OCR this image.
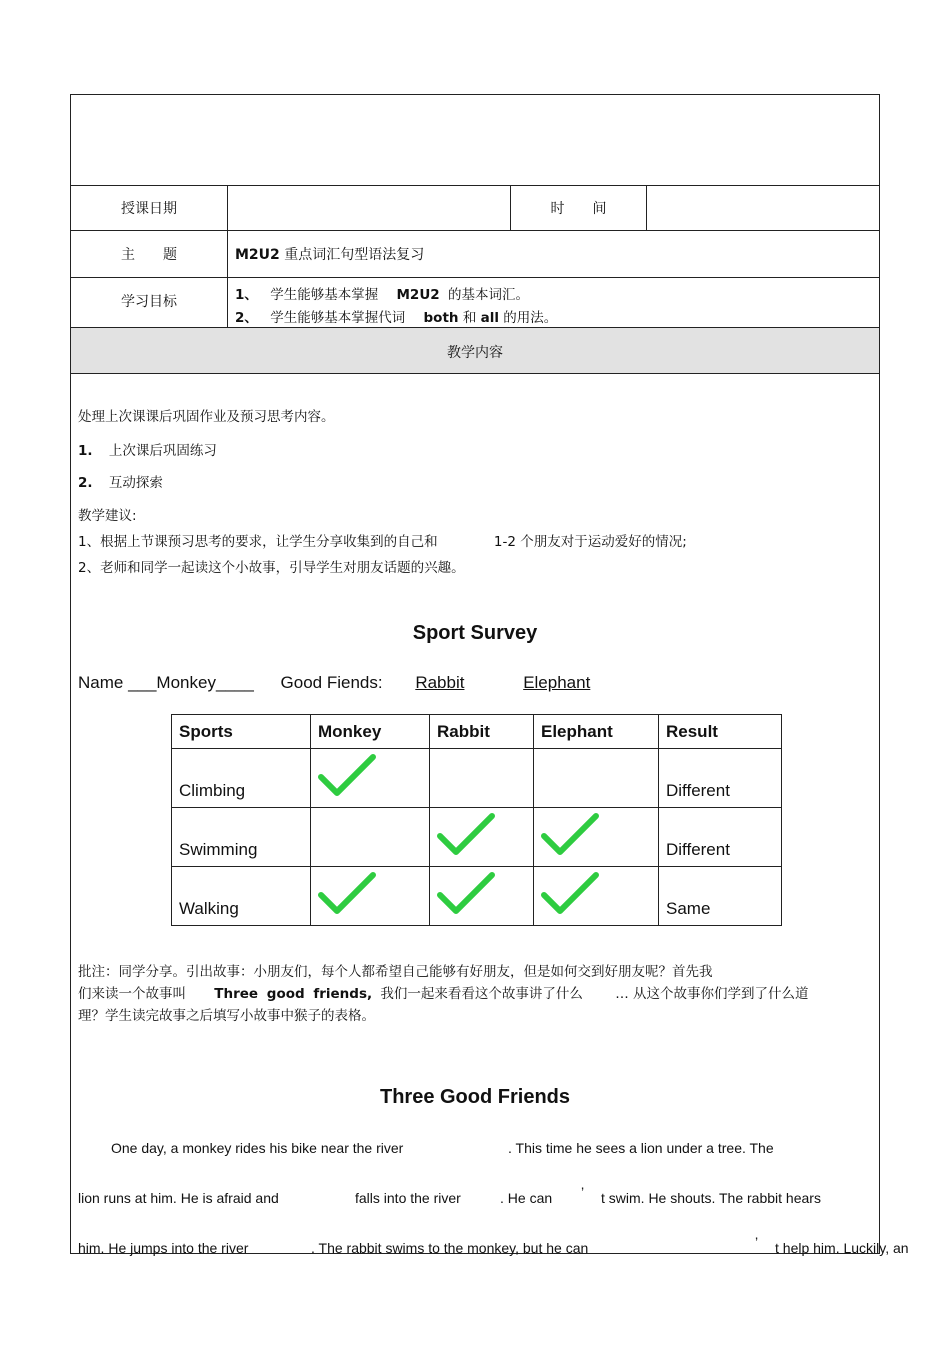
授课日期	时　　间
主　　题	M2U2 重点词汇句型语法复习
学习目标	1、 学生能够基本掌握 M2U2 的基本词汇。
2、 学生能够基本掌握代词 both 和 all 的用法。
教学内容
处理上次课课后巩固作业及预习思考内容。
1. 上次课后巩固练习
2. 互动探索
教学建议:
1、根据上节课预习思考的要求，让学生分享收集到的自己和	1-2 个朋友对于运动爱好的情况;
2、老师和同学一起读这个小故事，引导学生对朋友话题的兴趣。
Sport Survey
Name ___Monkey____ Good Fiends: Rabbit	Elephant
Sports	Monkey	Rabbit	Elephant	Result
Climbing				Different
Swimming				Different
Walking				Same
批注：同学分享。引出故事：小朋友们，每个人都希望自己能够有好朋友，但是如何交到好朋友呢？首先我
们来读一个故事叫 Three good friends, 我们一起来看看这个故事讲了什么 … 从这个故事你们学到了什么道
理？学生读完故事之后填写小故事中猴子的表格。
Three Good Friends
One day, a monkey rides his bike near the river	. This time he sees a lion under a tree. The
lion runs at him. He is afraid and	falls into the river	. He can ’ t swim. He shouts. The rabbit hears
him. He jumps into the river	. The rabbit swims to the monkey, but he can	’ t help him. Luckily, an
